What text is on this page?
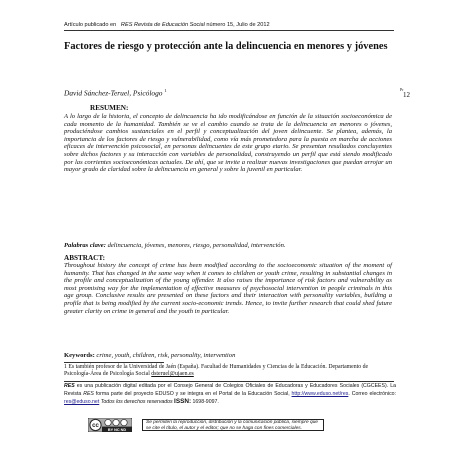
Artículo publicado en RES Revista de Educación Social número 15, Julio de 2012
Factores de riesgo y protección ante la delincuencia en menores y jóvenes
David Sánchez-Teruel, Psicólogo $^1$	Pr
12
RESUMEN:
A lo largo de la historia, el concepto de delincuencia ha ido modificándose en función de la situación socioeconómica de cada momento de la humanidad. También se ve el cambio cuando se trata de la delincuencia en menores o jóvenes, produciéndose cambios sustanciales en el perfil y conceptualización del joven delincuente. Se plantea, además, la importancia de los factores de riesgo y vulnerabilidad, como vía más prometedora para la puesta en marcha de acciones eficaces de intervención psicosocial, en personas delincuentes de este grupo etario. Se presentan resultados concluyentes sobre dichos factores y su interacción con variables de personalidad, construyendo un perfil que está siendo modificado por las corrientes socioeconómicas actuales. De ahí, que se invite a realizar nuevas investigaciones que puedan arrojar un mayor grado de claridad sobre la delincuencia en general y sobre la juvenil en particular.
Palabras clave: delincuencia, jóvenes, menores, riesgo, personalidad, intervención.
ABSTRACT:
Throughout history the concept of crime has been modified according to the socioeconomic situation of the moment of humanity. That has changed in the same way when it comes to children or youth crime, resulting in substantial changes in the profile and conceptualization of the young offender. It also raises the importance of risk factors and vulnerability as most promising way for the implementation of effective measures of psychosocial intervention in people criminals in this age group. Conclusive results are presented on these factors and their interaction with personality variables, building a profile that is being modified by the current socio-economic trends. Hence, to invite further research that could shed future greater clarity on crime in general and the youth in particular.
Keywords: crime, youth, children, risk, personality, intervention
1 Es también profesor de la Universidad de Jaén (España). Facultad de Humanidades y Ciencias de la Educación. Departamento de Psicología-Área de Psicología Social dsteruel@ujaen.es
RES es una publicación digital editada por el Consejo General de Colegios Oficiales de Educadoras y Educadores Sociales (CGCEES). La Revista RES forma parte del proyecto EDUSO y se integra en el Portal de la Educación Social, http://www.eduso.net/res. Correo electrónico: res@eduso.net Todos los derechos reservados ISSN: 1698-9097.
cc
BY NC ND
Se permiten la reproducción, distribución y la comunicación pública, siempre que se cite el título, el autor y el editor; que no se haga con fines comerciales.
